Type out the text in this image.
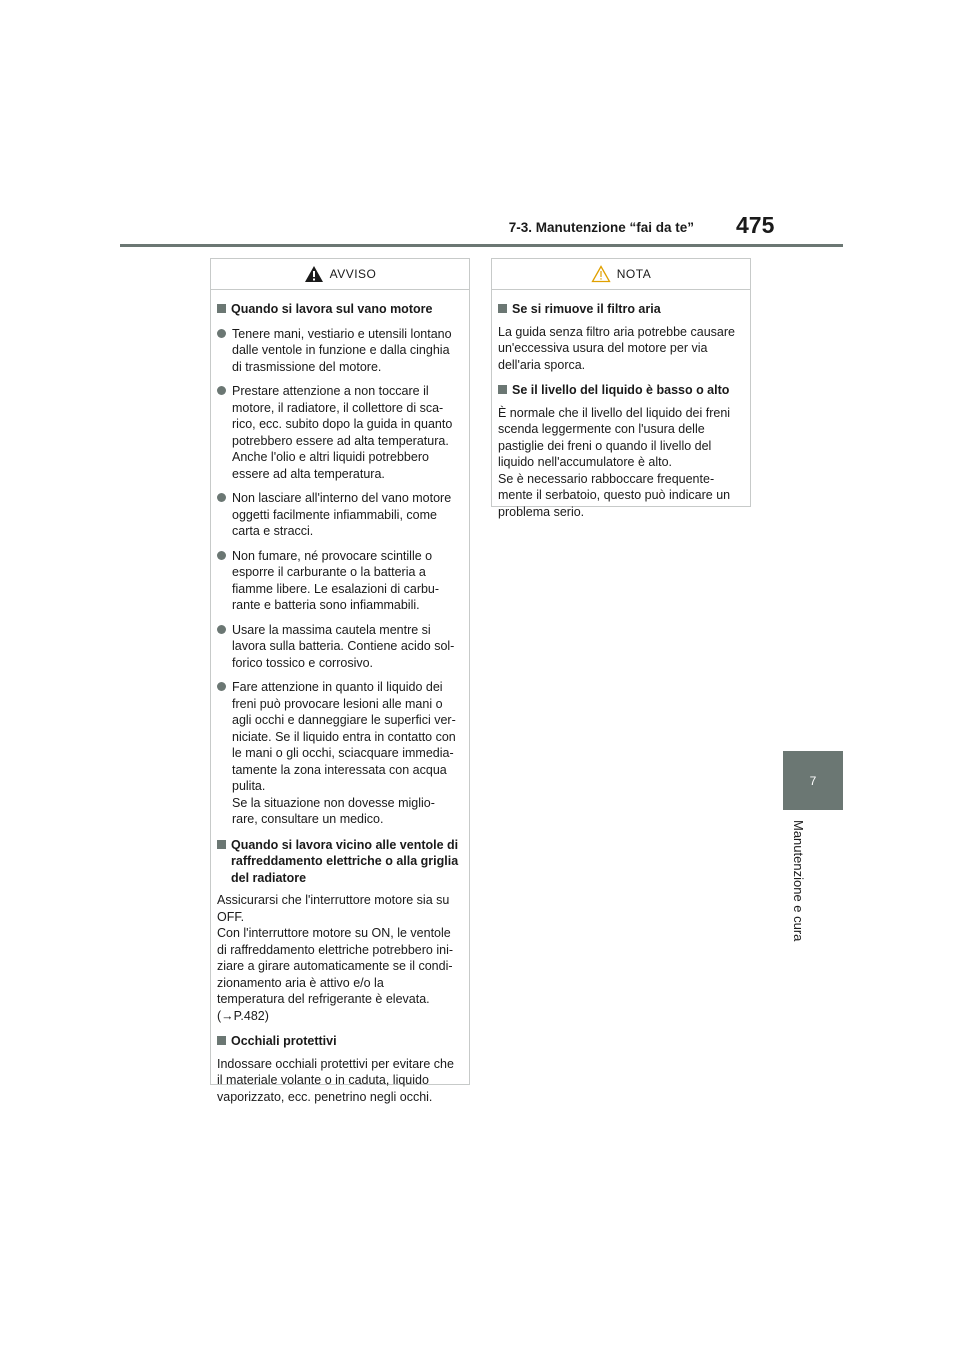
7-3. Manutenzione “fai da te” 475
7
Manutenzione e cura
AVVISO
Quando si lavora sul vano motore
Tenere mani, vestiario e utensili lontano
dalle ventole in funzione e dalla cinghia
di trasmissione del motore.
Prestare attenzione a non toccare il
motore, il radiatore, il collettore di sca-
rico, ecc. subito dopo la guida in quanto
potrebbero essere ad alta temperatura.
Anche l'olio e altri liquidi potrebbero
essere ad alta temperatura.
Non lasciare all'interno del vano motore
oggetti facilmente infiammabili, come
carta e stracci.
Non fumare, né provocare scintille o
esporre il carburante o la batteria a
fiamme libere. Le esalazioni di carbu-
rante e batteria sono infiammabili.
Usare la massima cautela mentre si
lavora sulla batteria. Contiene acido sol-
forico tossico e corrosivo.
Fare attenzione in quanto il liquido dei
freni può provocare lesioni alle mani o
agli occhi e danneggiare le superfici ver-
niciate. Se il liquido entra in contatto con
le mani o gli occhi, sciacquare immedia-
tamente la zona interessata con acqua
pulita.
Se la situazione non dovesse miglio-
rare, consultare un medico.
Quando si lavora vicino alle ventole di raffreddamento elettriche o alla griglia del radiatore
Assicurarsi che l'interruttore motore sia su
OFF.
Con l'interruttore motore su ON, le ventole
di raffreddamento elettriche potrebbero ini-
ziare a girare automaticamente se il condi-
zionamento aria è attivo e/o la
temperatura del refrigerante è elevata.
(→P.482)
Occhiali protettivi
Indossare occhiali protettivi per evitare che
il materiale volante o in caduta, liquido
vaporizzato, ecc. penetrino negli occhi.
NOTA
Se si rimuove il filtro aria
La guida senza filtro aria potrebbe causare
un'eccessiva usura del motore per via
dell'aria sporca.
Se il livello del liquido è basso o alto
È normale che il livello del liquido dei freni
scenda leggermente con l'usura delle
pastiglie dei freni o quando il livello del
liquido nell'accumulatore è alto.
Se è necessario rabboccare frequente-
mente il serbatoio, questo può indicare un
problema serio.
